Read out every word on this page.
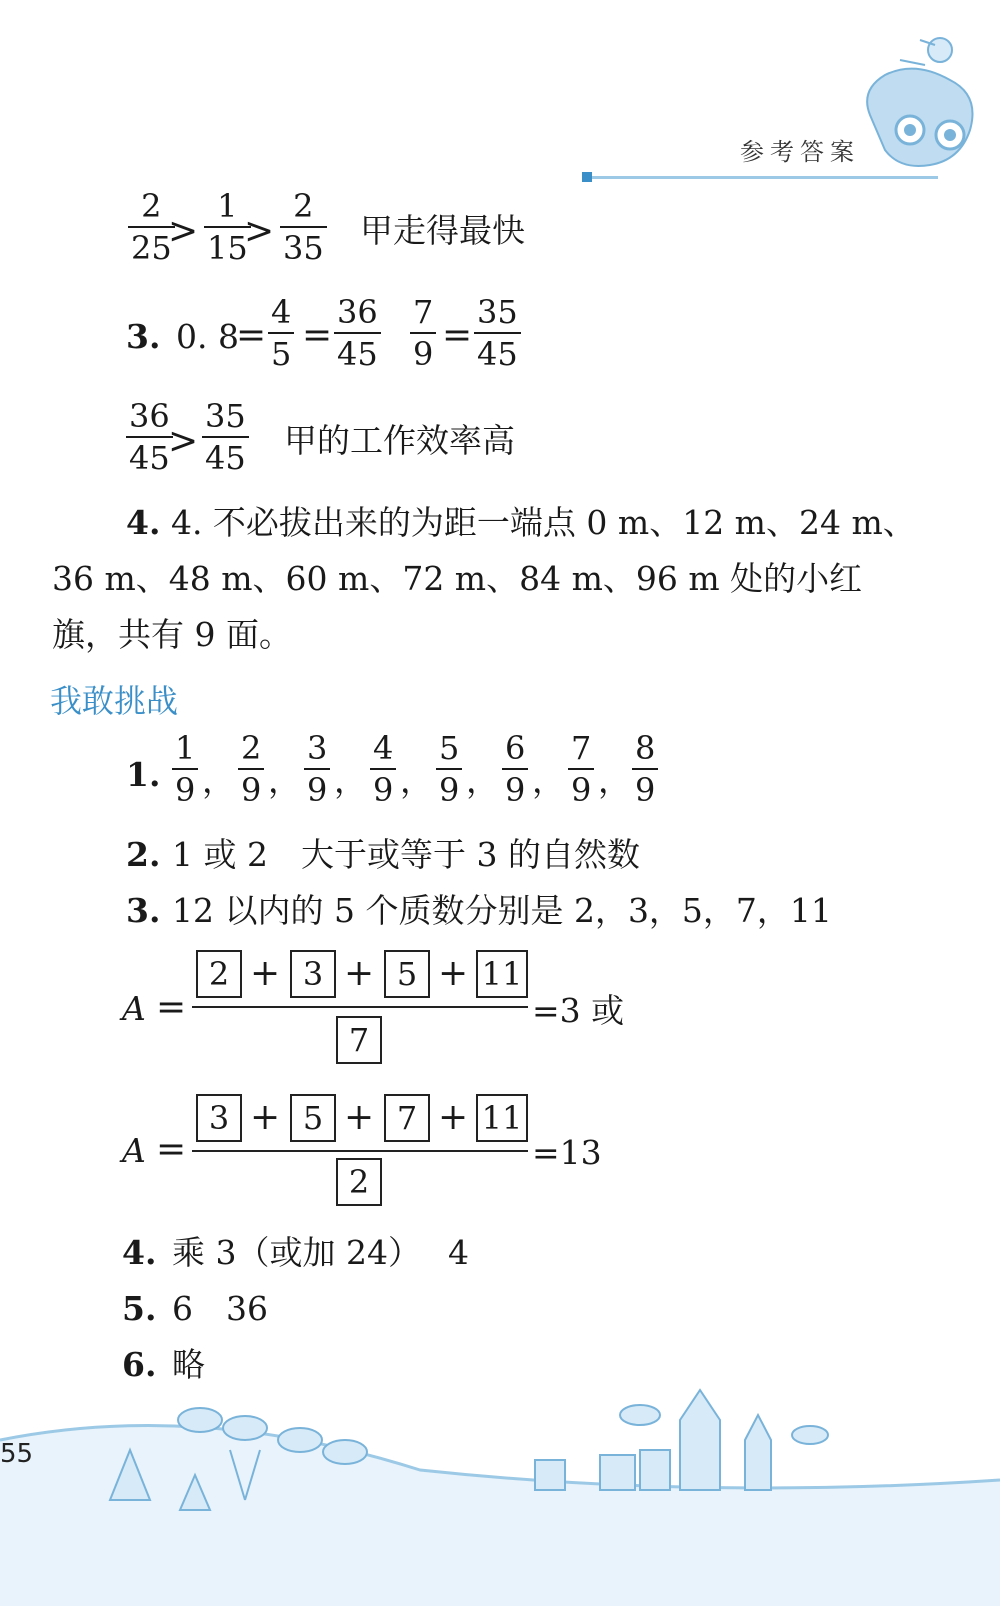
参考答案
2
25
>
1
15
>
2
35 甲走得最快
3. 0. 8
=
4
5 =
36
45
7
9 =
35
45
36
45
>
35
45 甲的工作效率高
4. 4. 不必拔出来的为距一端点 0 m、12 m、24 m、
36 m、48 m、60 m、72 m、84 m、96 m 处的小红
旗，共有 9 面。
我敢挑战
1.
1
9 ，
2
9 ，
3
9 ，
4
9 ，
5
9 ，
6
9 ，
7
9 ，
8
9
2. 1 或 2　大于或等于 3 的自然数
3. 12 以内的 5 个质数分别是 2，3，5，7，11
A =
2 + 3 + 5 + 11
7
=3 或
A =
3 + 5 + 7 + 11
2
=13
4. 乘 3（或加 24）　 4
5. 6　36
6. 略
55
